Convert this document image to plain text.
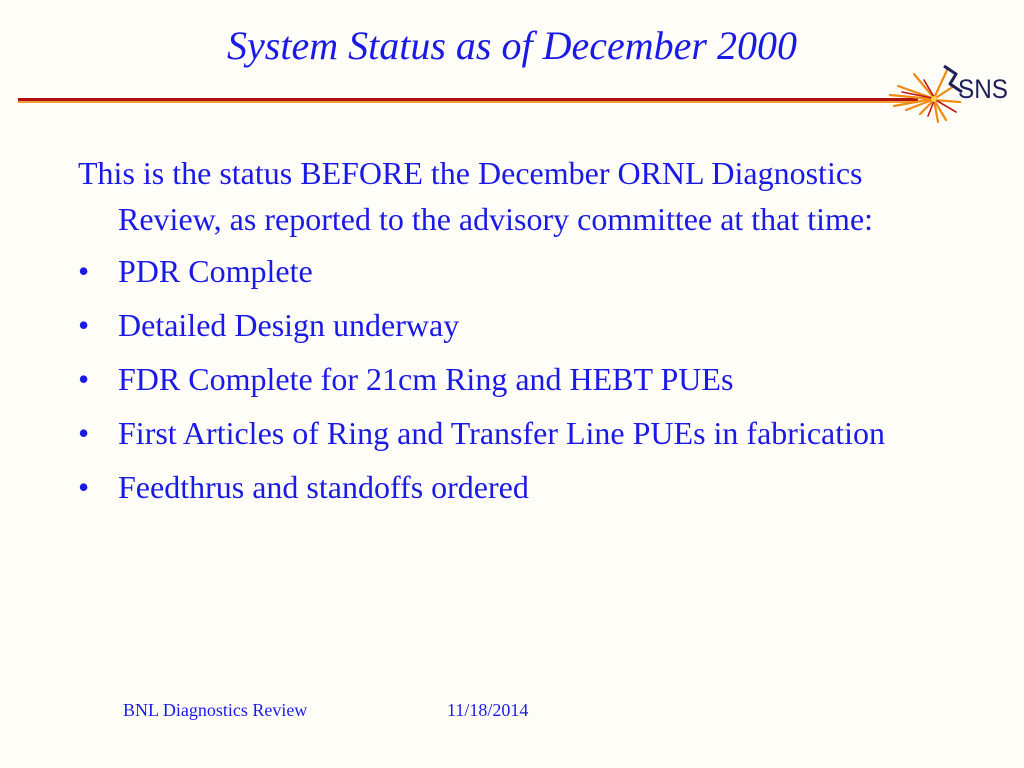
System Status as of December 2000
SNS

This is the status BEFORE the December ORNL Diagnostics Review, as reported to the advisory committee at that time:

• PDR Complete
• Detailed Design underway
• FDR Complete for 21cm Ring and HEBT PUEs
• First Articles of Ring and Transfer Line PUEs in fabrication
• Feedthrus and standoffs ordered
BNL Diagnostics Review	11/18/2014
